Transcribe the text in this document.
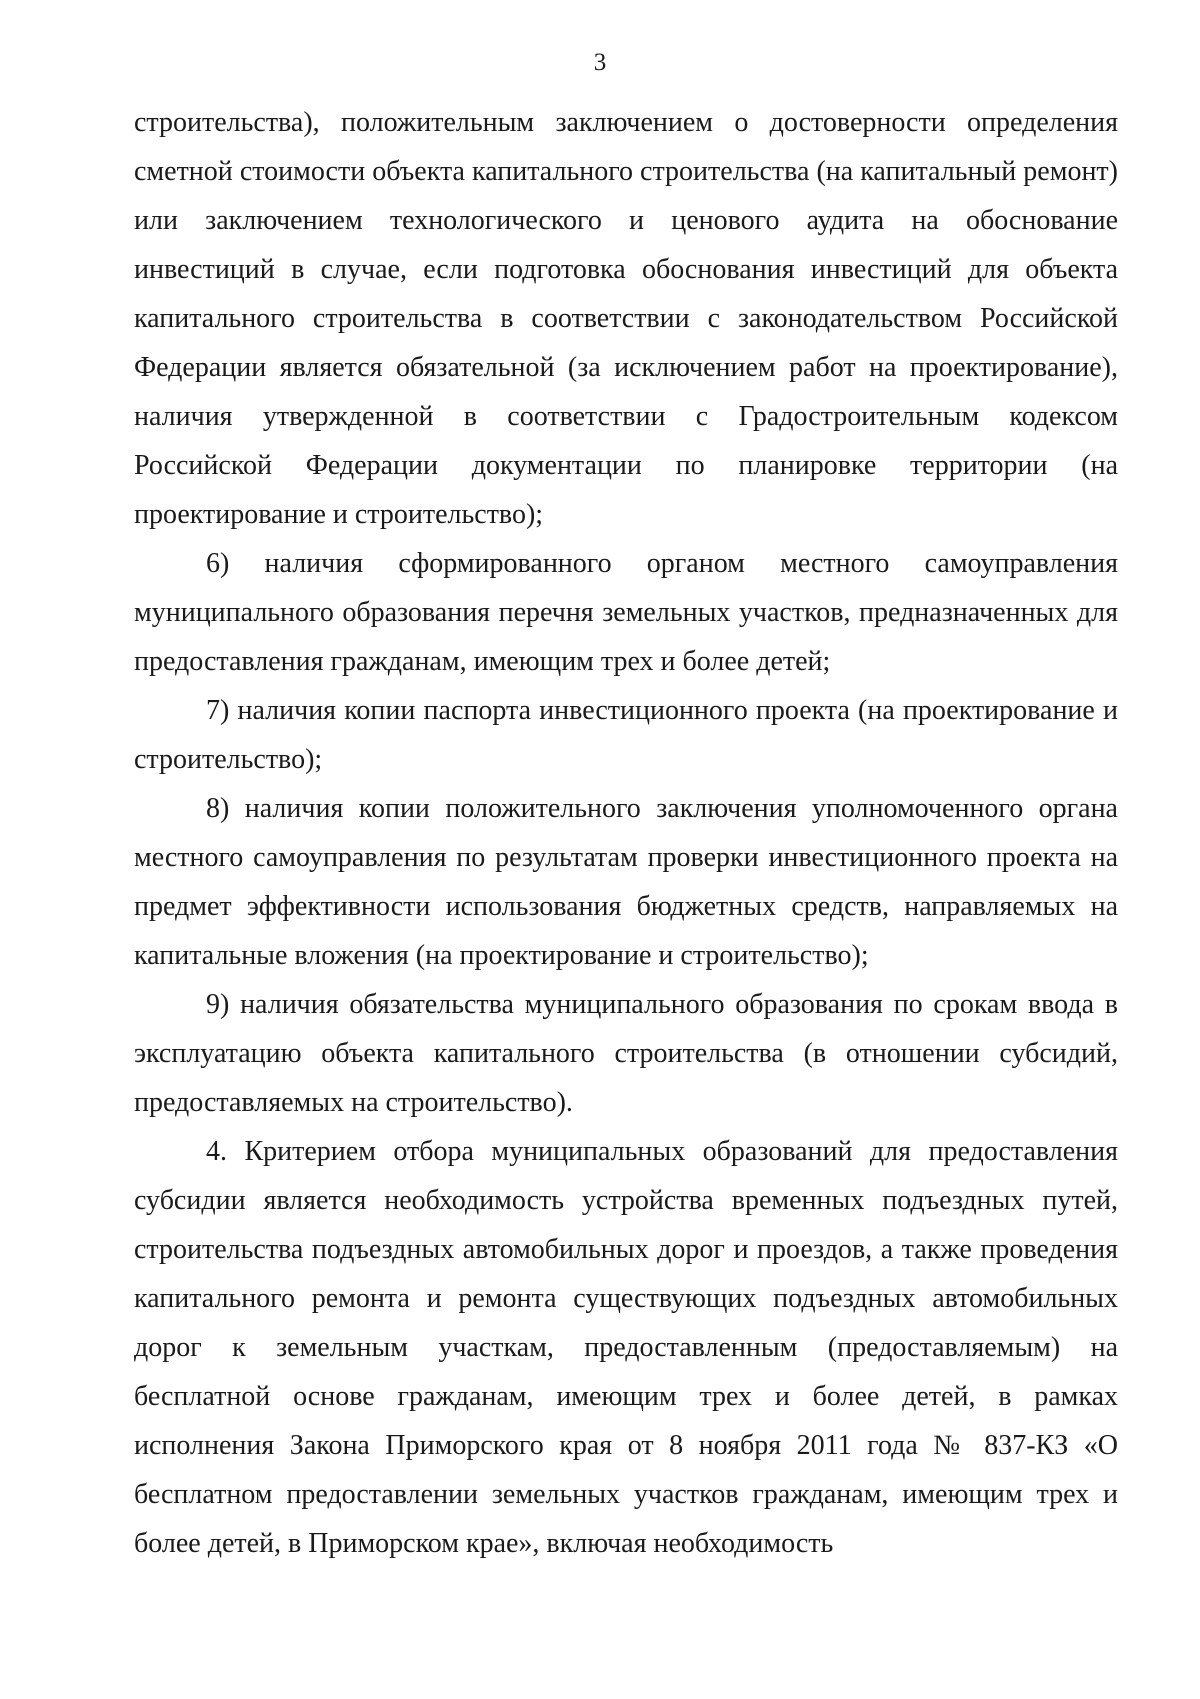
3

строительства), положительным заключением о достоверности определения сметной стоимости объекта капитального строительства (на капитальный ремонт) или заключением технологического и ценового аудита на обоснование инвестиций в случае, если подготовка обоснования инвестиций для объекта капитального строительства в соответствии с законодательством Российской Федерации является обязательной (за исключением работ на проектирование), наличия утвержденной в соответствии с Градостроительным кодексом Российской Федерации документации по планировке территории (на проектирование и строительство);

6) наличия сформированного органом местного самоуправления муниципального образования перечня земельных участков, предназначенных для предоставления гражданам, имеющим трех и более детей;

7) наличия копии паспорта инвестиционного проекта (на проектирование и строительство);

8) наличия копии положительного заключения уполномоченного органа местного самоуправления по результатам проверки инвестиционного проекта на предмет эффективности использования бюджетных средств, направляемых на капитальные вложения (на проектирование и строительство);

9) наличия обязательства муниципального образования по срокам ввода в эксплуатацию объекта капитального строительства (в отношении субсидий, предоставляемых на строительство).

4. Критерием отбора муниципальных образований для предоставления субсидии является необходимость устройства временных подъездных путей, строительства подъездных автомобильных дорог и проездов, а также проведения капитального ремонта и ремонта существующих подъездных автомобильных дорог к земельным участкам, предоставленным (предоставляемым) на бесплатной основе гражданам, имеющим трех и более детей, в рамках исполнения Закона Приморского края от 8 ноября 2011 года № 837-КЗ «О бесплатном предоставлении земельных участков гражданам, имеющим трех и более детей, в Приморском крае», включая необходимость
